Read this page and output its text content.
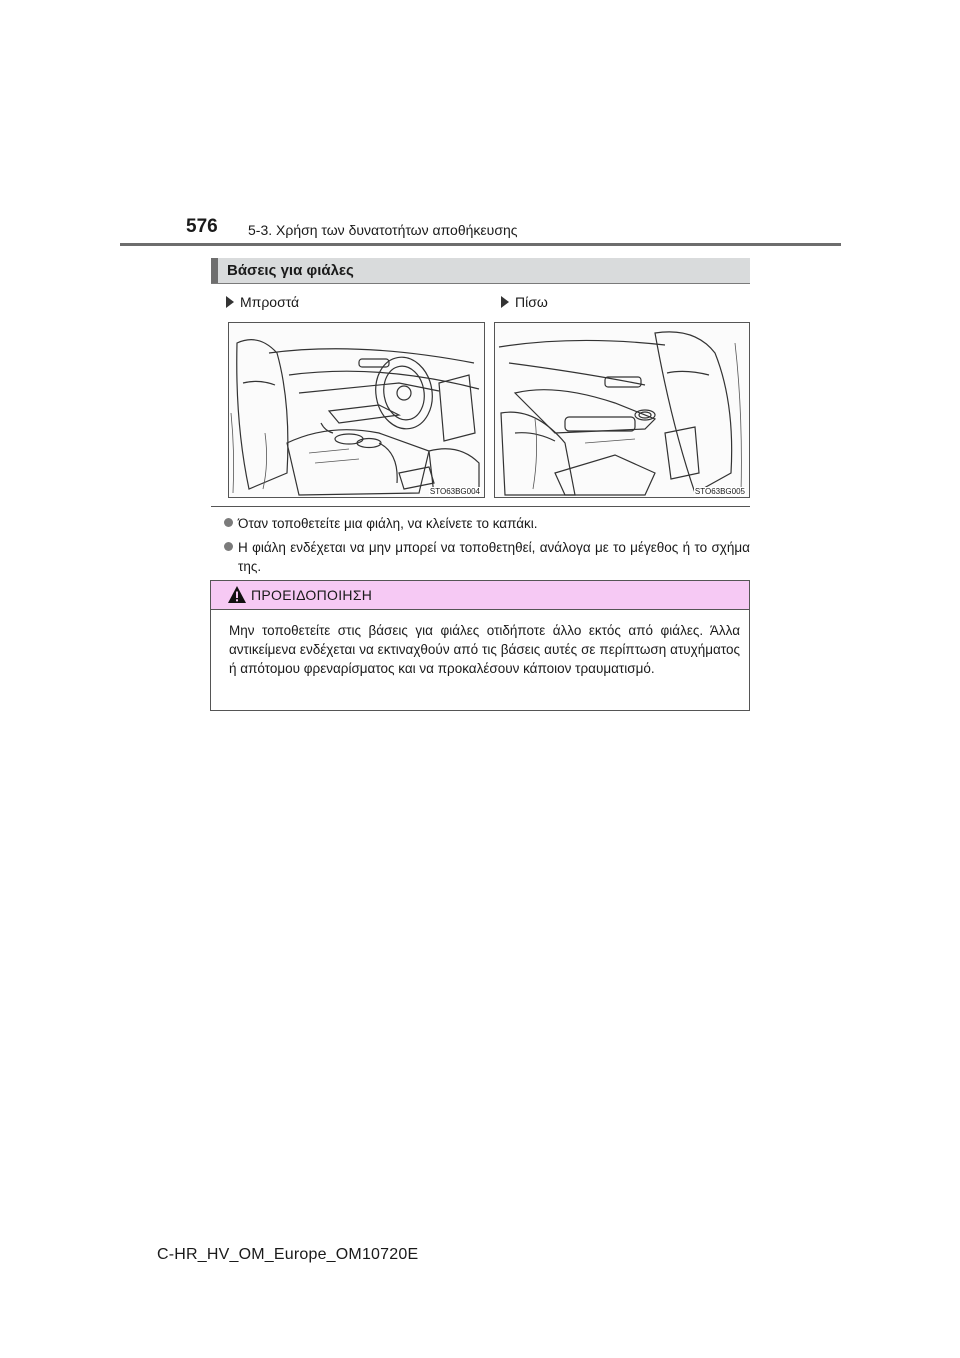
576 5-3. Χρήση των δυνατοτήτων αποθήκευσης
Βάσεις για φιάλες
Μπροστά	Πίσω
STO63BG004	STO63BG005
Όταν τοποθετείτε μια φιάλη, να κλείνετε το καπάκι.
Η φιάλη ενδέχεται να μην μπορεί να τοποθετηθεί, ανάλογα με το μέγεθος ή το σχήμα της.
ΠΡΟΕΙΔΟΠΟΙΗΣΗ
Μην τοποθετείτε στις βάσεις για φιάλες οτιδήποτε άλλο εκτός από φιάλες. Άλλα αντικείμενα ενδέχεται να εκτιναχθούν από τις βάσεις αυτές σε περίπτωση ατυχήματος ή απότομου φρεναρίσματος και να προκαλέσουν κάποιον τραυματισμό.
C-HR_HV_OM_Europe_OM10720E
